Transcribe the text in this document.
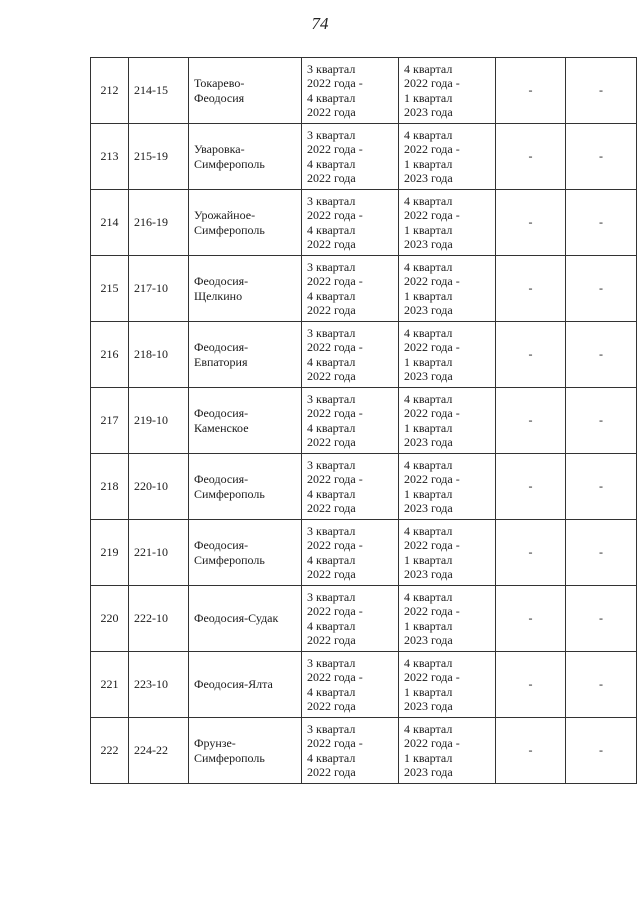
74
212	214-15	Токарево-
Феодосия	3 квартал
2022 года -
4 квартал
2022 года	4 квартал
2022 года -
1 квартал
2023 года	-	-
213	215-19	Уваровка-
Симферополь	3 квартал
2022 года -
4 квартал
2022 года	4 квартал
2022 года -
1 квартал
2023 года	-	-
214	216-19	Урожайное-
Симферополь	3 квартал
2022 года -
4 квартал
2022 года	4 квартал
2022 года -
1 квартал
2023 года	-	-
215	217-10	Феодосия-
Щелкино	3 квартал
2022 года -
4 квартал
2022 года	4 квартал
2022 года -
1 квартал
2023 года	-	-
216	218-10	Феодосия-
Евпатория	3 квартал
2022 года -
4 квартал
2022 года	4 квартал
2022 года -
1 квартал
2023 года	-	-
217	219-10	Феодосия-
Каменское	3 квартал
2022 года -
4 квартал
2022 года	4 квартал
2022 года -
1 квартал
2023 года	-	-
218	220-10	Феодосия-
Симферополь	3 квартал
2022 года -
4 квартал
2022 года	4 квартал
2022 года -
1 квартал
2023 года	-	-
219	221-10	Феодосия-
Симферополь	3 квартал
2022 года -
4 квартал
2022 года	4 квартал
2022 года -
1 квартал
2023 года	-	-
220	222-10	Феодосия-Судак	3 квартал
2022 года -
4 квартал
2022 года	4 квартал
2022 года -
1 квартал
2023 года	-	-
221	223-10	Феодосия-Ялта	3 квартал
2022 года -
4 квартал
2022 года	4 квартал
2022 года -
1 квартал
2023 года	-	-
222	224-22	Фрунзе-
Симферополь	3 квартал
2022 года -
4 квартал
2022 года	4 квартал
2022 года -
1 квартал
2023 года	-	-
